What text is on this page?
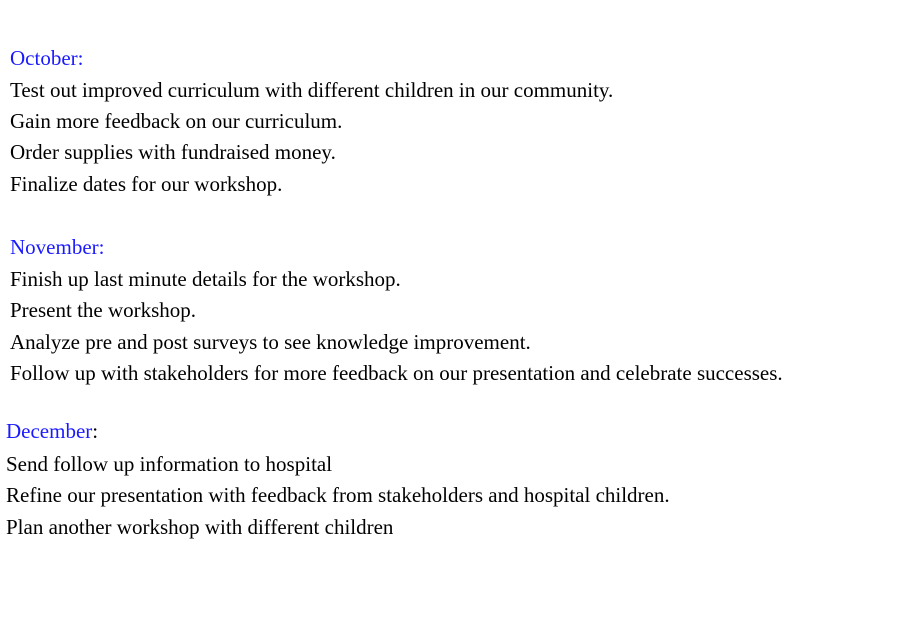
October:
Test out improved curriculum with different children in our community.
Gain more feedback on our curriculum.
Order supplies with fundraised money.
Finalize dates for our workshop.
November:
Finish up last minute details for the workshop.
Present the workshop.
Analyze pre and post surveys to see knowledge improvement.
Follow up with stakeholders for more feedback on our presentation and celebrate successes.
December:
Send follow up information to hospital
Refine our presentation with feedback from stakeholders and hospital children.
Plan another workshop with different children
